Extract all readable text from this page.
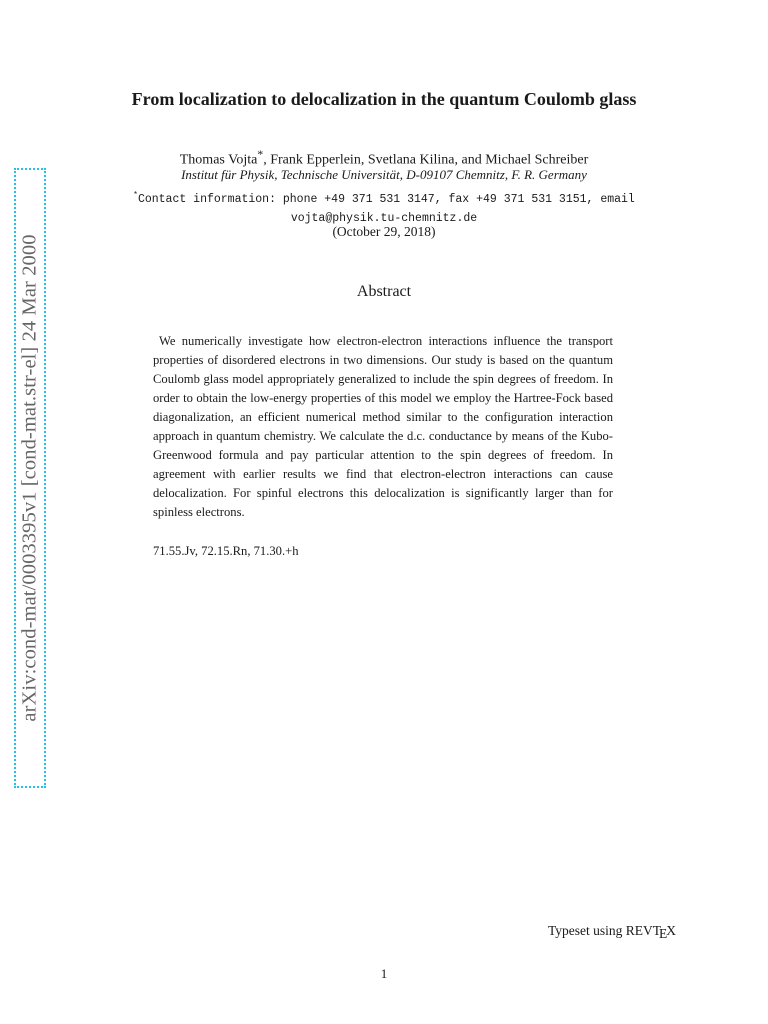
arXiv:cond-mat/0003395v1 [cond-mat.str-el] 24 Mar 2000
From localization to delocalization in the quantum Coulomb glass
Thomas Vojta*, Frank Epperlein, Svetlana Kilina, and Michael Schreiber
Institut für Physik, Technische Universität, D-09107 Chemnitz, F. R. Germany
*Contact information: phone +49 371 531 3147, fax +49 371 531 3151, email
vojta@physik.tu-chemnitz.de
(October 29, 2018)
Abstract
We numerically investigate how electron-electron interactions influence the transport properties of disordered electrons in two dimensions. Our study is based on the quantum Coulomb glass model appropriately generalized to include the spin degrees of freedom. In order to obtain the low-energy properties of this model we employ the Hartree-Fock based diagonalization, an efficient numerical method similar to the configuration interaction approach in quantum chemistry. We calculate the d.c. conductance by means of the Kubo-Greenwood formula and pay particular attention to the spin degrees of freedom. In agreement with earlier results we find that electron-electron interactions can cause delocalization. For spinful electrons this delocalization is significantly larger than for spinless electrons.
71.55.Jv, 72.15.Rn, 71.30.+h
Typeset using REVTEX
1
